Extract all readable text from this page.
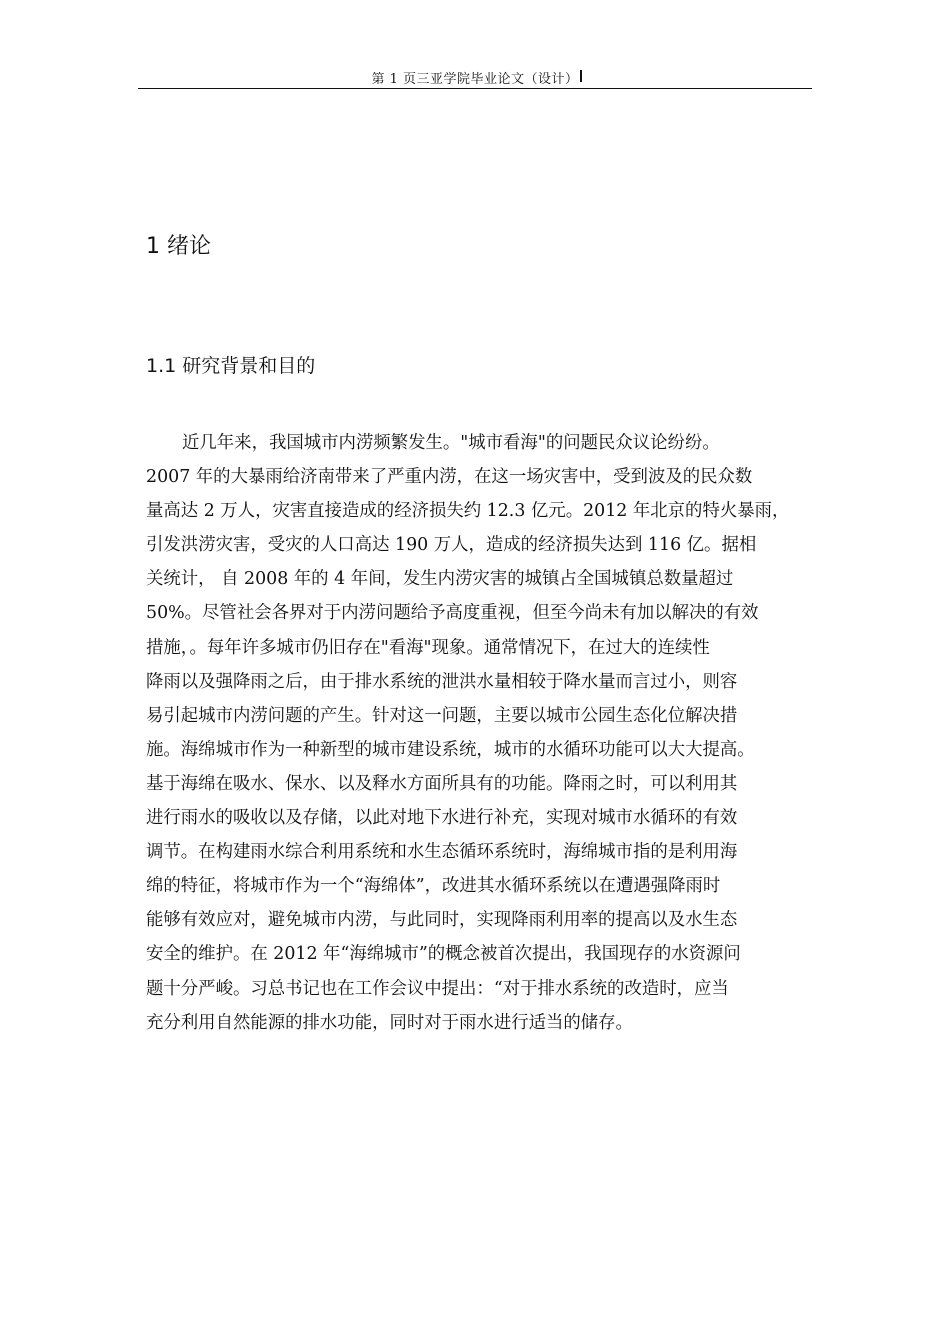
第 1 页三亚学院毕业论文（设计）
1 绪论
1.1 研究背景和目的
近几年来，我国城市内涝频繁发生。"城市看海"的问题民众议论纷纷。
2007 年的大暴雨给济南带来了严重内涝，在这一场灾害中，受到波及的民众数
量高达 2 万人，灾害直接造成的经济损失约 12.3 亿元。2012 年北京的特火暴雨，
引发洪涝灾害，受灾的人口高达 190 万人，造成的经济损失达到 116 亿。据相
关统计， 自 2008 年的 4 年间，发生内涝灾害的城镇占全国城镇总数量超过
50%。尽管社会各界对于内涝问题给予高度重视，但至今尚未有加以解决的有效
措施，。每年许多城市仍旧存在"看海"现象。通常情况下，在过大的连续性
降雨以及强降雨之后，由于排水系统的泄洪水量相较于降水量而言过小，则容
易引起城市内涝问题的产生。针对这一问题，主要以城市公园生态化位解决措
施。海绵城市作为一种新型的城市建设系统，城市的水循环功能可以大大提高。
基于海绵在吸水、保水、以及释水方面所具有的功能。降雨之时，可以利用其
进行雨水的吸收以及存储，以此对地下水进行补充，实现对城市水循环的有效
调节。在构建雨水综合利用系统和水生态循环系统时，海绵城市指的是利用海
绵的特征，将城市作为一个“海绵体”，改进其水循环系统以在遭遇强降雨时
能够有效应对，避免城市内涝，与此同时，实现降雨利用率的提高以及水生态
安全的维护。在 2012 年“海绵城市”的概念被首次提出，我国现存的水资源问
题十分严峻。习总书记也在工作会议中提出：“对于排水系统的改造时，应当
充分利用自然能源的排水功能，同时对于雨水进行适当的储存。
